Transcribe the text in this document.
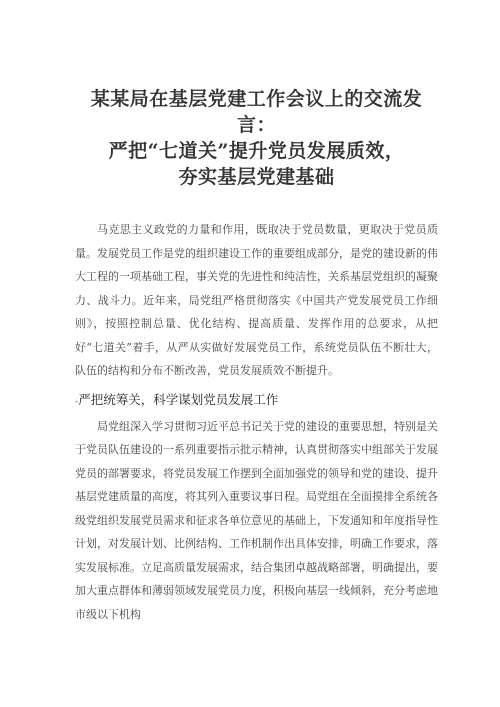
某某局在基层党建工作会议上的交流发言：
严把“七道关”提升党员发展质效，
夯实基层党建基础

马克思主义政党的力量和作用，既取决于党员数量，更取决于党员质量。发展党员工作是党的组织建设工作的重要组成部分，是党的建设新的伟大工程的一项基础工程，事关党的先进性和纯洁性，关系基层党组织的凝聚力、战斗力。近年来，局党组严格贯彻落实《中国共产党发展党员工作细则》，按照控制总量、优化结构、提高质量、发挥作用的总要求，从把好“七道关”着手，从严从实做好发展党员工作，系统党员队伍不断壮大，队伍的结构和分布不断改善，党员发展质效不断提升。

-严把统筹关，科学谋划党员发展工作

局党组深入学习贯彻习近平总书记关于党的建设的重要思想，特别是关于党员队伍建设的一系列重要指示批示精神，认真贯彻落实中组部关于发展党员的部署要求，将党员发展工作摆到全面加强党的领导和党的建设、提升基层党建质量的高度，将其列入重要议事日程。局党组在全面摸排全系统各级党组织发展党员需求和征求各单位意见的基础上，下发通知和年度指导性计划，对发展计划、比例结构、工作机制作出具体安排，明确工作要求，落实发展标准。立足高质量发展需求，结合集团卓越战略部署，明确提出，要加大重点群体和薄弱领域发展党员力度，积极向基层一线倾斜，充分考虑地市级以下机构
